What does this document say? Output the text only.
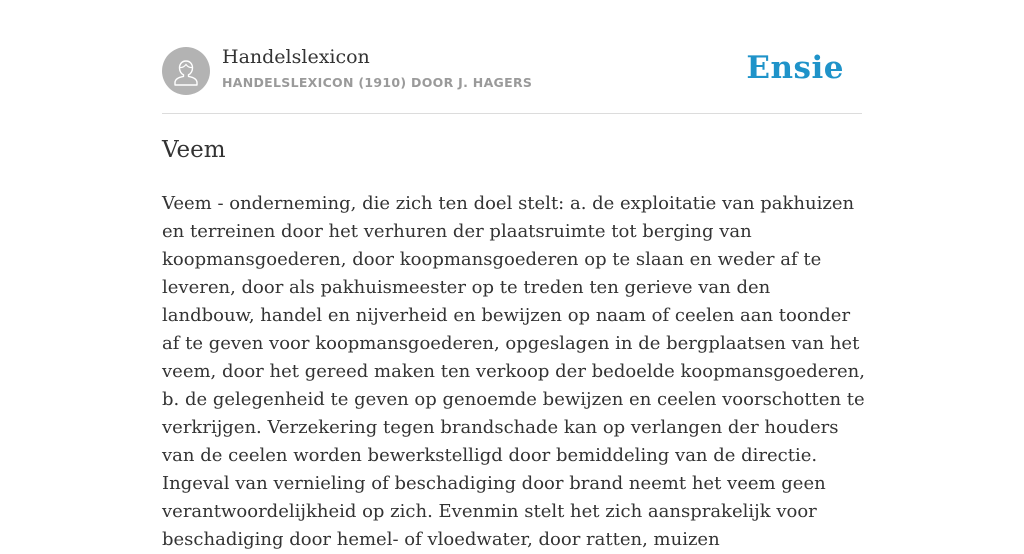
Handelslexicon
HANDELSLEXICON (1910) DOOR J. HAGERS	Ensie
Veem

Veem - onderneming, die zich ten doel stelt: a. de exploitatie van pakhuizen en terreinen door het verhuren der plaatsruimte tot berging van koopmansgoederen, door koopmansgoederen op te slaan en weder af te leveren, door als pakhuismeester op te treden ten gerieve van den landbouw, handel en nijverheid en bewijzen op naam of ceelen aan toonder af te geven voor koopmansgoederen, opgeslagen in de bergplaatsen van het veem, door het gereed maken ten verkoop der bedoelde koopmansgoederen, b. de gelegenheid te geven op genoemde bewijzen en ceelen voorschotten te verkrijgen. Verzekering tegen brandschade kan op verlangen der houders van de ceelen worden bewerkstelligd door bemiddeling van de directie. Ingeval van vernieling of beschadiging door brand neemt het veem geen verantwoordelijkheid op zich. Evenmin stelt het zich aansprakelijk voor beschadiging door hemel- of vloedwater, door ratten, muizen
